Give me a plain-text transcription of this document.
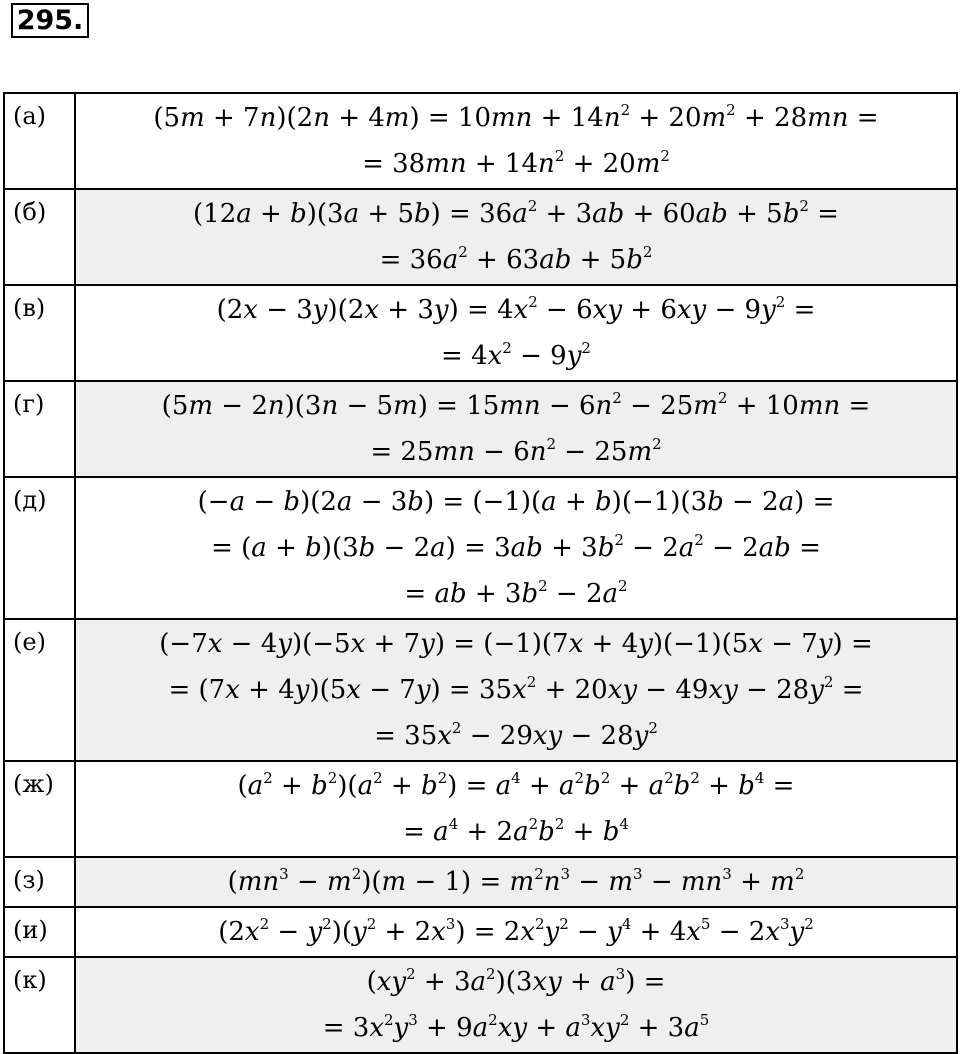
295.
(а)	$(5m + 7n)(2n + 4m) = 10mn + 14n^2 + 20m^2 + 28mn$ =
= $38mn + 14n^2 + 20m^2$

(б)	$(12a + b)(3a + 5b) = 36a^2 + 3ab + 60ab + 5b^2$ =
= $36a^2 + 63ab + 5b^2$

(в)	$(2x - 3y)(2x + 3y) = 4x^2 - 6xy + 6xy - 9y^2$ =
= $4x^2 - 9y^2$

(г)	$(5m - 2n)(3n - 5m) = 15mn - 6n^2 - 25m^2 + 10mn$ =
= $25mn - 6n^2 - 25m^2$

(д)	(−a − b)(2a − 3b) = (−1)(a + b)(−1)(3b − 2a) =
= $(a + b)(3b - 2a) = 3ab + 3b^2 - 2a^2 - 2ab$ =
= ab + $3b^2 - 2a^2$

(е)	(−7x − 4y)(−5x + 7y) = (−1)(7x + 4y)(−1)(5x − 7y) =
= $(7x + 4y)(5x - 7y) = 35x^2 + 20xy - 49xy - 28y^2$ =
= $35x^2 - 29xy - 28y^2$

(ж)	$(a^2 + b^2)(a^2 + b^2) = a^4 + a^2b^2 + a^2b^2 + b^4$ =
= $a^4 + 2a^2b^2 + b^4$

(з)	$(mn^3 - m^2)(m - 1) = m^2n^3 - m^3 - mn^3 + m^2$

(и)	$(2x^2 - y^2)(y^2 + 2x^3) = 2x^2y^2 - y^4 + 4x^5 - 2x^3y^2$

(к)	$(xy^2 + 3a^2)(3xy + a^3)$ =
= $3x^2y^3 + 9a^2xy + a^3xy^2 + 3a^5$
